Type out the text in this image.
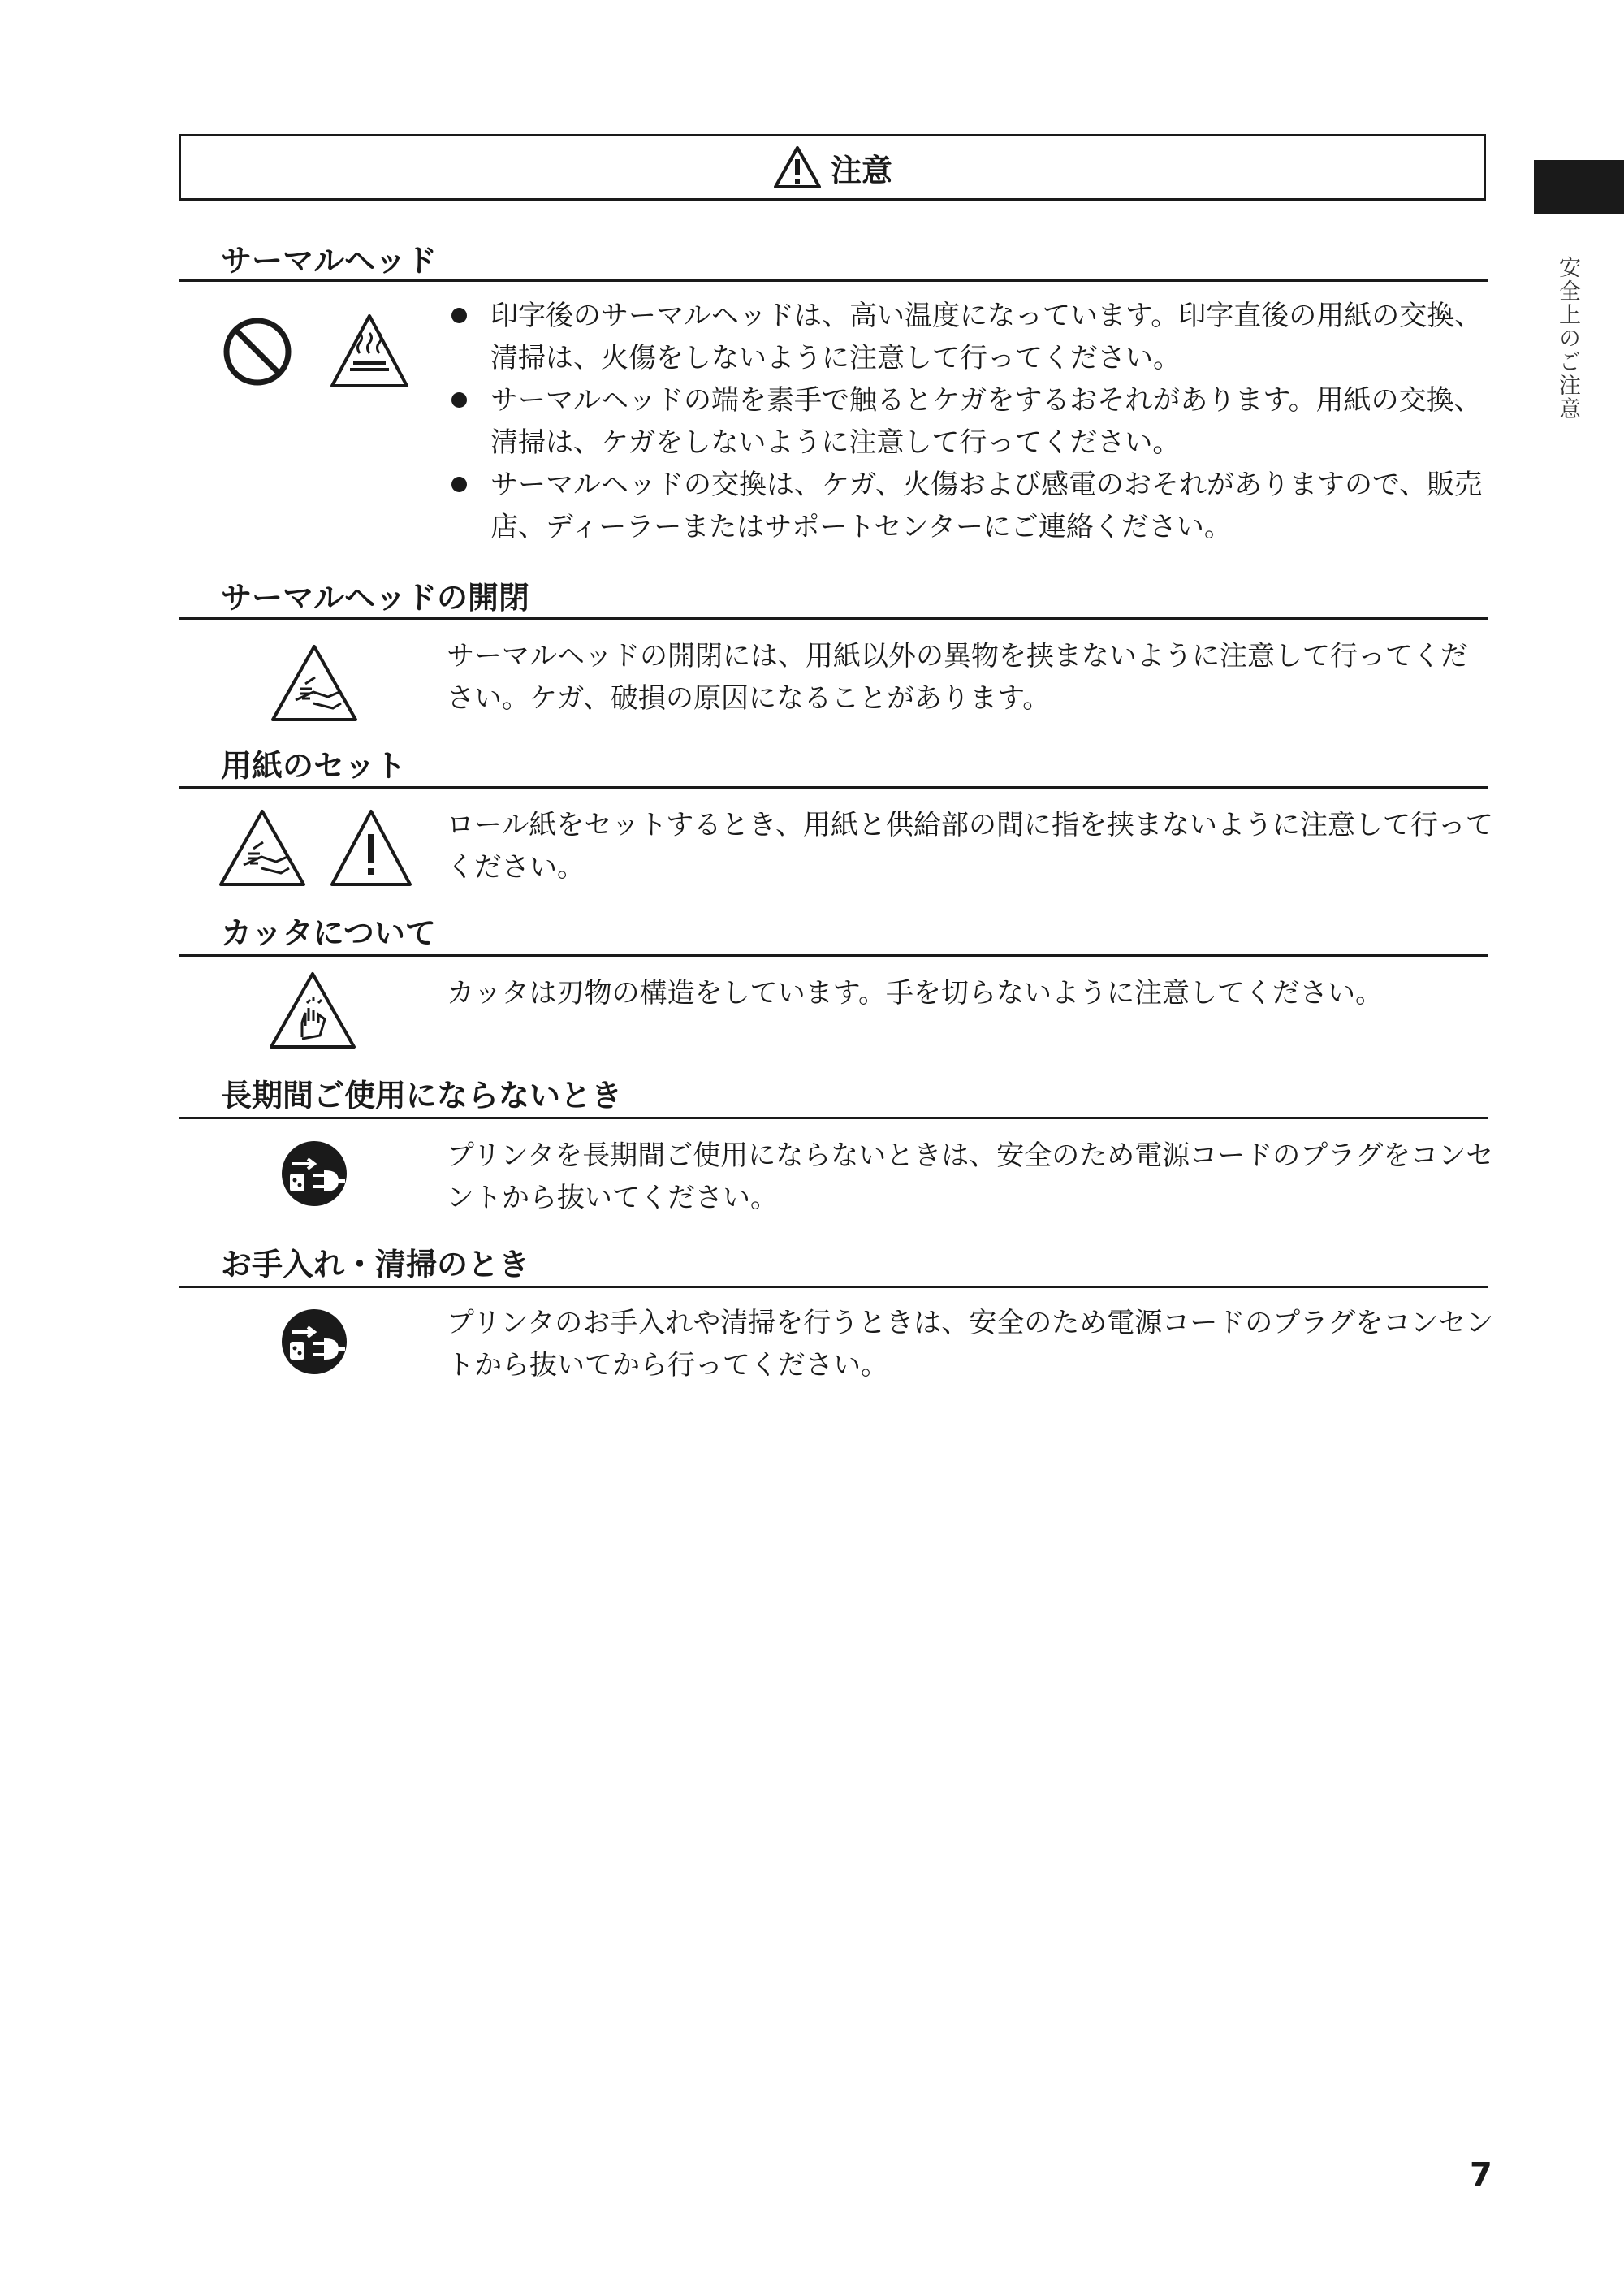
注意
安全上のご注意
サーマルヘッド
印字後のサーマルヘッドは、高い温度になっています。印字直後の用紙の交換、清掃は、火傷をしないように注意して行ってください。
サーマルヘッドの端を素手で触るとケガをするおそれがあります。用紙の交換、清掃は、ケガをしないように注意して行ってください。
サーマルヘッドの交換は、ケガ、火傷および感電のおそれがありますので、販売店、ディーラーまたはサポートセンターにご連絡ください。
サーマルヘッドの開閉

サーマルヘッドの開閉には、用紙以外の異物を挟まないように注意して行ってください。ケガ、破損の原因になることがあります。

用紙のセット

ロール紙をセットするとき、用紙と供給部の間に指を挟まないように注意して行ってください。

カッタについて

カッタは刃物の構造をしています。手を切らないように注意してください。

長期間ご使用にならないとき

プリンタを長期間ご使用にならないときは、安全のため電源コードのプラグをコンセントから抜いてください。

お手入れ・清掃のとき

プリンタのお手入れや清掃を行うときは、安全のため電源コードのプラグをコンセントから抜いてから行ってください。

7
